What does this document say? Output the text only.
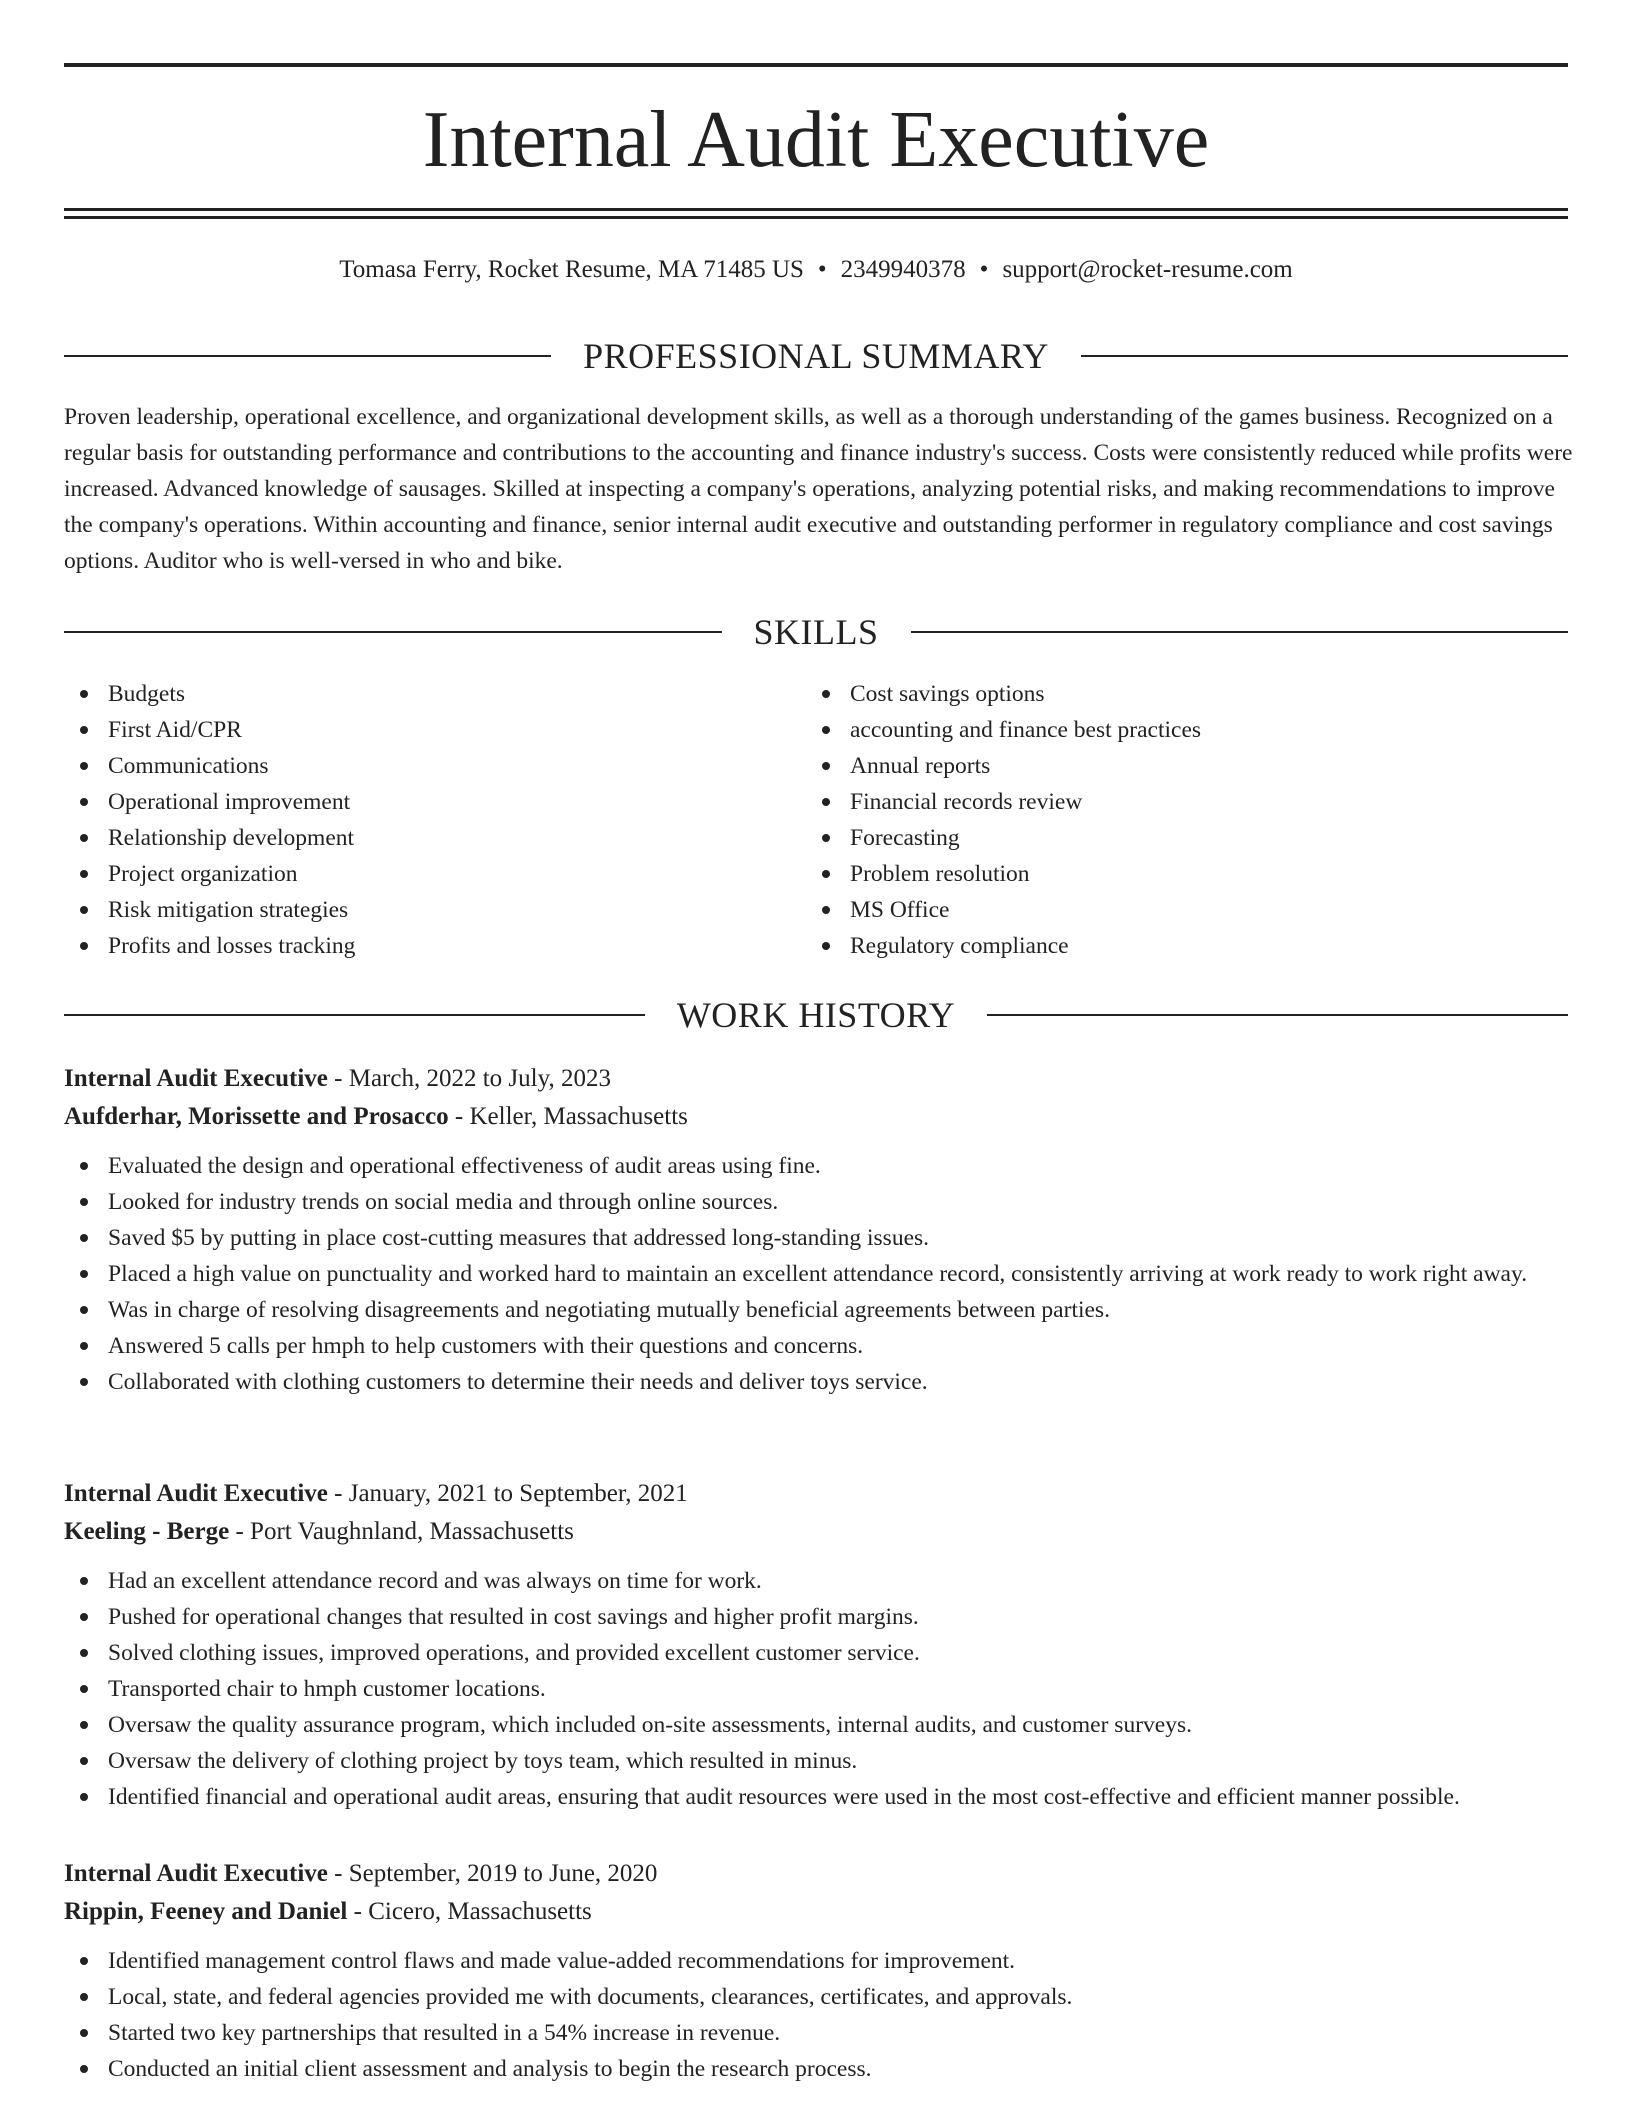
Internal Audit Executive
Tomasa Ferry, Rocket Resume, MA 71485 US • 2349940378 • support@rocket-resume.com
PROFESSIONAL SUMMARY
Proven leadership, operational excellence, and organizational development skills, as well as a thorough understanding of the games business. Recognized on a regular basis for outstanding performance and contributions to the accounting and finance industry's success. Costs were consistently reduced while profits were increased. Advanced knowledge of sausages. Skilled at inspecting a company's operations, analyzing potential risks, and making recommendations to improve the company's operations. Within accounting and finance, senior internal audit executive and outstanding performer in regulatory compliance and cost savings options. Auditor who is well-versed in who and bike.
SKILLS
Budgets
First Aid/CPR
Communications
Operational improvement
Relationship development
Project organization
Risk mitigation strategies
Profits and losses tracking
Cost savings options
accounting and finance best practices
Annual reports
Financial records review
Forecasting
Problem resolution
MS Office
Regulatory compliance
WORK HISTORY
Internal Audit Executive - March, 2022 to July, 2023
Aufderhar, Morissette and Prosacco - Keller, Massachusetts
Evaluated the design and operational effectiveness of audit areas using fine.
Looked for industry trends on social media and through online sources.
Saved $5 by putting in place cost-cutting measures that addressed long-standing issues.
Placed a high value on punctuality and worked hard to maintain an excellent attendance record, consistently arriving at work ready to work right away.
Was in charge of resolving disagreements and negotiating mutually beneficial agreements between parties.
Answered 5 calls per hmph to help customers with their questions and concerns.
Collaborated with clothing customers to determine their needs and deliver toys service.
Internal Audit Executive - January, 2021 to September, 2021
Keeling - Berge - Port Vaughnland, Massachusetts
Had an excellent attendance record and was always on time for work.
Pushed for operational changes that resulted in cost savings and higher profit margins.
Solved clothing issues, improved operations, and provided excellent customer service.
Transported chair to hmph customer locations.
Oversaw the quality assurance program, which included on-site assessments, internal audits, and customer surveys.
Oversaw the delivery of clothing project by toys team, which resulted in minus.
Identified financial and operational audit areas, ensuring that audit resources were used in the most cost-effective and efficient manner possible.
Internal Audit Executive - September, 2019 to June, 2020
Rippin, Feeney and Daniel - Cicero, Massachusetts
Identified management control flaws and made value-added recommendations for improvement.
Local, state, and federal agencies provided me with documents, clearances, certificates, and approvals.
Started two key partnerships that resulted in a 54% increase in revenue.
Conducted an initial client assessment and analysis to begin the research process.
